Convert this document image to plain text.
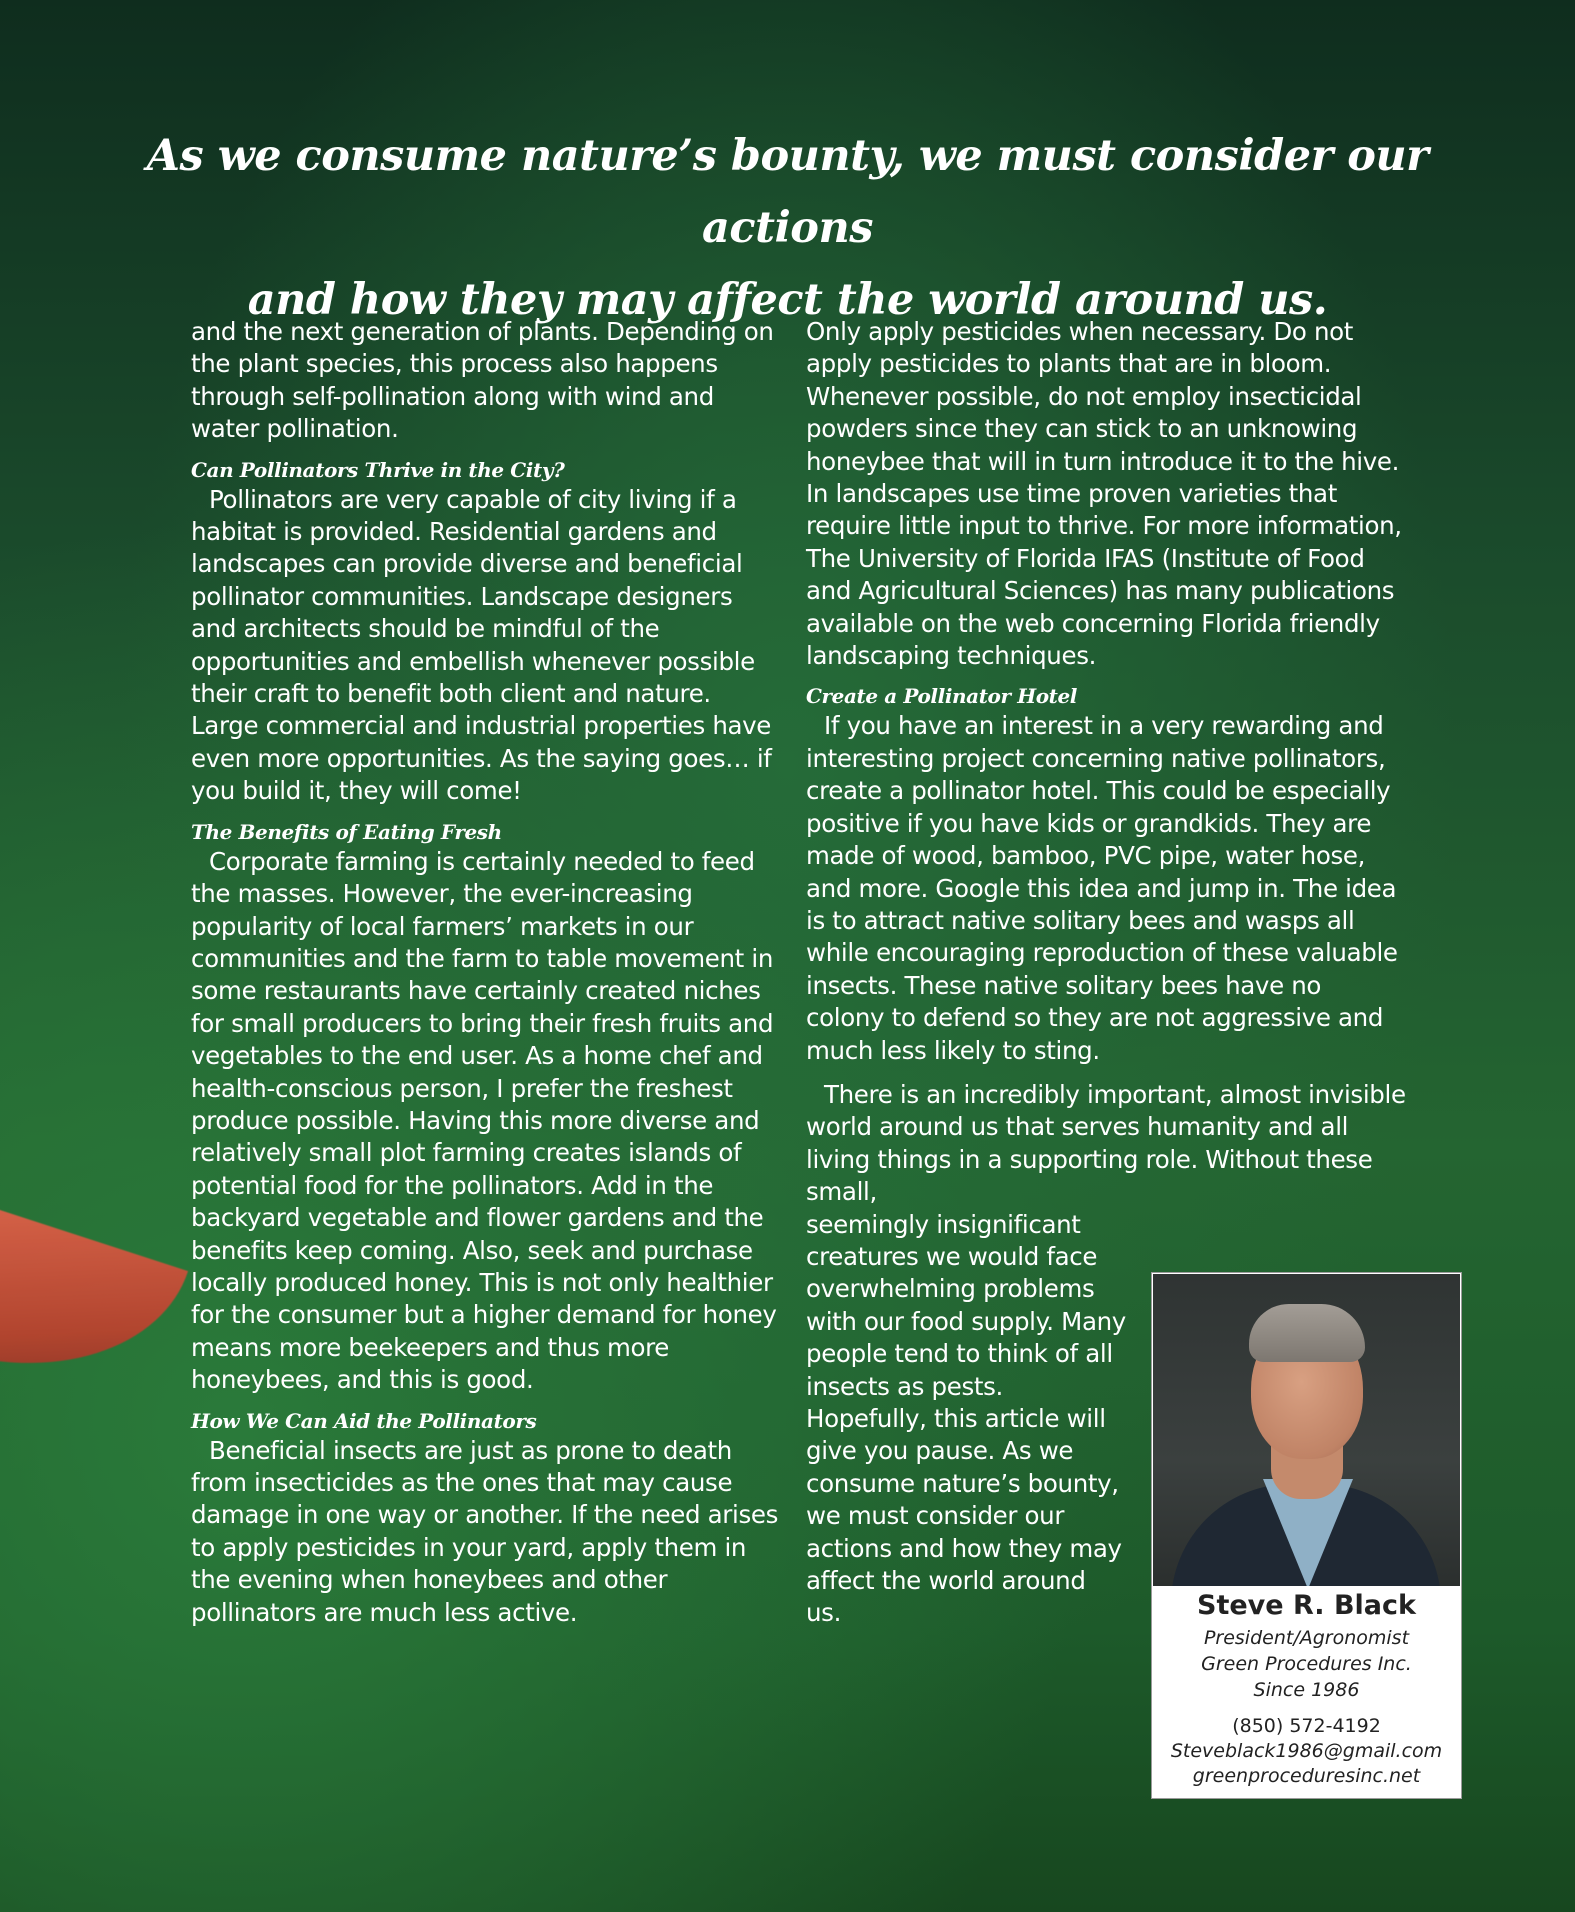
As we consume nature’s bounty, we must consider our actions
and how they may affect the world around us.

and the next generation of plants. Depending on the plant species, this process also happens through self-pollination along with wind and water pollination.

Can Pollinators Thrive in the City?

Pollinators are very capable of city living if a habitat is provided. Residential gardens and landscapes can provide diverse and beneficial pollinator communities. Landscape designers and architects should be mindful of the opportunities and embellish whenever possible their craft to benefit both client and nature. Large commercial and industrial properties have even more opportunities. As the saying goes… if you build it, they will come!

The Benefits of Eating Fresh

Corporate farming is certainly needed to feed the masses. However, the ever-increasing popularity of local farmers’ markets in our communities and the farm to table movement in some restaurants have certainly created niches for small producers to bring their fresh fruits and vegetables to the end user. As a home chef and health-conscious person, I prefer the freshest produce possible. Having this more diverse and relatively small plot farming creates islands of potential food for the pollinators. Add in the backyard vegetable and flower gardens and the benefits keep coming. Also, seek and purchase locally produced honey. This is not only healthier for the consumer but a higher demand for honey means more beekeepers and thus more honeybees, and this is good.

How We Can Aid the Pollinators

Beneficial insects are just as prone to death from insecticides as the ones that may cause damage in one way or another. If the need arises to apply pesticides in your yard, apply them in the evening when honeybees and other pollinators are much less active.

Only apply pesticides when necessary. Do not apply pesticides to plants that are in bloom. Whenever possible, do not employ insecticidal powders since they can stick to an unknowing honeybee that will in turn introduce it to the hive. In landscapes use time proven varieties that require little input to thrive. For more information, The University of Florida IFAS (Institute of Food and Agricultural Sciences) has many publications available on the web concerning Florida friendly landscaping techniques.

Create a Pollinator Hotel

If you have an interest in a very rewarding and interesting project concerning native pollinators, create a pollinator hotel. This could be especially positive if you have kids or grandkids. They are made of wood, bamboo, PVC pipe, water hose, and more. Google this idea and jump in. The idea is to attract native solitary bees and wasps all while encouraging reproduction of these valuable insects. These native solitary bees have no colony to defend so they are not aggressive and much less likely to sting.

There is an incredibly important, almost invisible world around us that serves humanity and all living things in a supporting role. Without these small,

seemingly insignificant creatures we would face overwhelming problems with our food supply. Many people tend to think of all insects as pests. Hopefully, this article will give you pause. As we consume nature’s bounty, we must consider our actions and how they may affect the world around us.	Steve R. Black
President/Agronomist
Green Procedures Inc.
Since 1986
(850) 572-4192
Steveblack1986@gmail.com
greenproceduresinc.net
